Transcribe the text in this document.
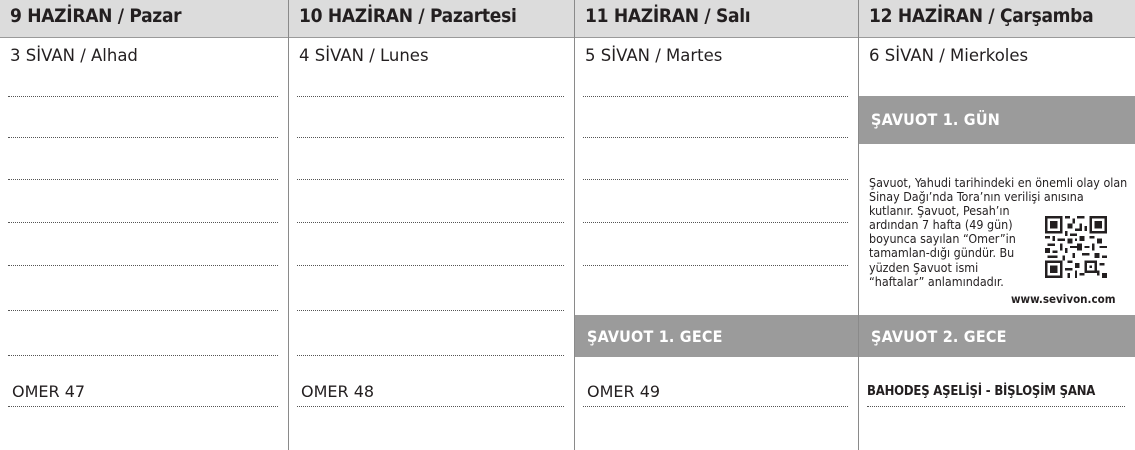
9 HAZİRAN / Pazar
3 SİVAN / Alhad
OMER 47
10 HAZİRAN / Pazartesi
4 SİVAN / Lunes
OMER 48
11 HAZİRAN / Salı
5 SİVAN / Martes
ŞAVUOT 1. GECE
OMER 49
12 HAZİRAN / Çarşamba
6 SİVAN / Mierkoles
ŞAVUOT 1. GÜN
Şavuot, Yahudi tarihindeki en önemli olay olan Sinay Dağı’nda Tora’nın verilişi anısına kutlanır. Şavuot, Pesah’ın
ardından 7 hafta (49 gün) boyunca sayılan “Omer”in tamamlan-dığı gündür. Bu yüzden Şavuot ismi “haftalar” anlamındadır.
www.sevivon.com
ŞAVUOT 2. GECE
BAHODEŞ AŞELİŞİ - BİŞLOŞİM ŞANA
